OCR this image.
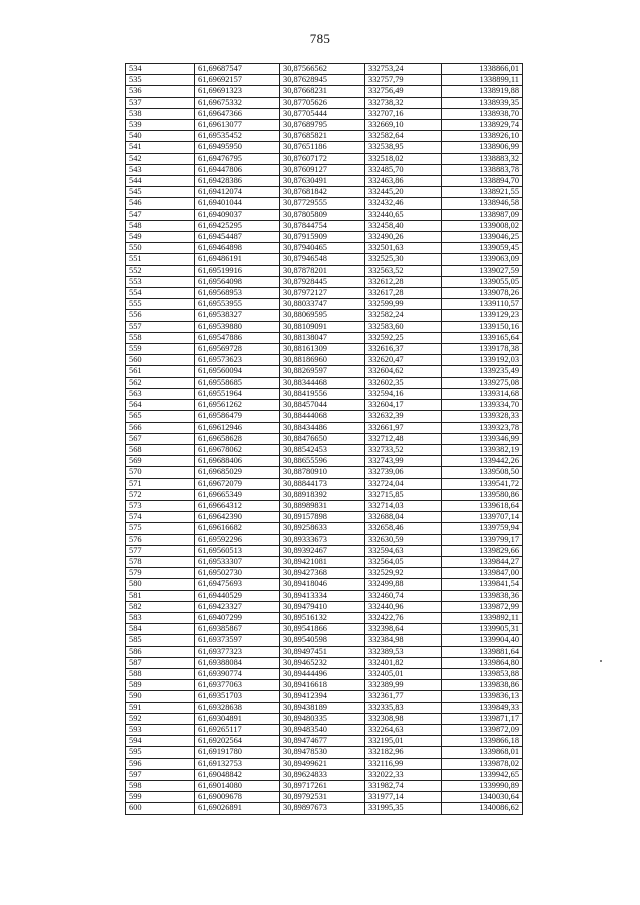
785
534	61,69687547	30,87566562	332753,24	1338866,01
535	61,69692157	30,87628945	332757,79	1338899,11
536	61,69691323	30,87668231	332756,49	1338919,88
537	61,69675332	30,87705626	332738,32	1338939,35
538	61,69647366	30,87705444	332707,16	1338938,70
539	61,69613077	30,87689795	332669,10	1338929,74
540	61,69535452	30,87685821	332582,64	1338926,10
541	61,69495950	30,87651186	332538,95	1338906,99
542	61,69476795	30,87607172	332518,02	1338883,32
543	61,69447806	30,87609127	332485,70	1338883,78
544	61,69428386	30,87630491	332463,86	1338894,70
545	61,69412074	30,87681842	332445,20	1338921,55
546	61,69401044	30,87729555	332432,46	1338946,58
547	61,69409037	30,87805809	332440,65	1338987,09
548	61,69425295	30,87844754	332458,40	1339008,02
549	61,69454487	30,87915909	332490,26	1339046,25
550	61,69464898	30,87940465	332501,63	1339059,45
551	61,69486191	30,87946548	332525,30	1339063,09
552	61,69519916	30,87878201	332563,52	1339027,59
553	61,69564098	30,87928445	332612,28	1339055,05
554	61,69568953	30,87972127	332617,28	1339078,26
555	61,69553955	30,88033747	332599,99	1339110,57
556	61,69538327	30,88069595	332582,24	1339129,23
557	61,69539880	30,88109091	332583,60	1339150,16
558	61,69547886	30,88138047	332592,25	1339165,64
559	61,69569728	30,88161309	332616,37	1339178,38
560	61,69573623	30,88186960	332620,47	1339192,03
561	61,69560094	30,88269597	332604,62	1339235,49
562	61,69558685	30,88344468	332602,35	1339275,08
563	61,69551964	30,88419556	332594,16	1339314,68
564	61,69561262	30,88457044	332604,17	1339334,70
565	61,69586479	30,88444068	332632,39	1339328,33
566	61,69612946	30,88434486	332661,97	1339323,78
567	61,69658628	30,88476650	332712,48	1339346,99
568	61,69678062	30,88542453	332733,52	1339382,19
569	61,69688406	30,88655596	332743,99	1339442,26
570	61,69685029	30,88780910	332739,06	1339508,50
571	61,69672079	30,88844173	332724,04	1339541,72
572	61,69665349	30,88918392	332715,85	1339580,86
573	61,69664312	30,88989831	332714,03	1339618,64
574	61,69642390	30,89157898	332688,04	1339707,14
575	61,69616682	30,89258633	332658,46	1339759,94
576	61,69592296	30,89333673	332630,59	1339799,17
577	61,69560513	30,89392467	332594,63	1339829,66
578	61,69533307	30,89421081	332564,05	1339844,27
579	61,69502730	30,89427368	332529,92	1339847,00
580	61,69475693	30,89418046	332499,88	1339841,54
581	61,69440529	30,89413334	332460,74	1339838,36
582	61,69423327	30,89479410	332440,96	1339872,99
583	61,69407299	30,89516132	332422,76	1339892,11
584	61,69385867	30,89541866	332398,64	1339905,31
585	61,69373597	30,89540598	332384,98	1339904,40
586	61,69377323	30,89497451	332389,53	1339881,64
587	61,69388084	30,89465232	332401,82	1339864,80
588	61,69390774	30,89444496	332405,01	1339853,88
589	61,69377063	30,89416618	332389,99	1339838,86
590	61,69351703	30,89412394	332361,77	1339836,13
591	61,69328638	30,89438189	332335,83	1339849,33
592	61,69304891	30,89480335	332308,98	1339871,17
593	61,69265117	30,89483540	332264,63	1339872,09
594	61,69202564	30,89474677	332195,01	1339866,18
595	61,69191780	30,89478530	332182,96	1339868,01
596	61,69132753	30,89499621	332116,99	1339878,02
597	61,69048842	30,89624833	332022,33	1339942,65
598	61,69014080	30,89717261	331982,74	1339990,89
599	61,69009678	30,89792531	331977,14	1340030,64
600	61,69026891	30,89897673	331995,35	1340086,62
